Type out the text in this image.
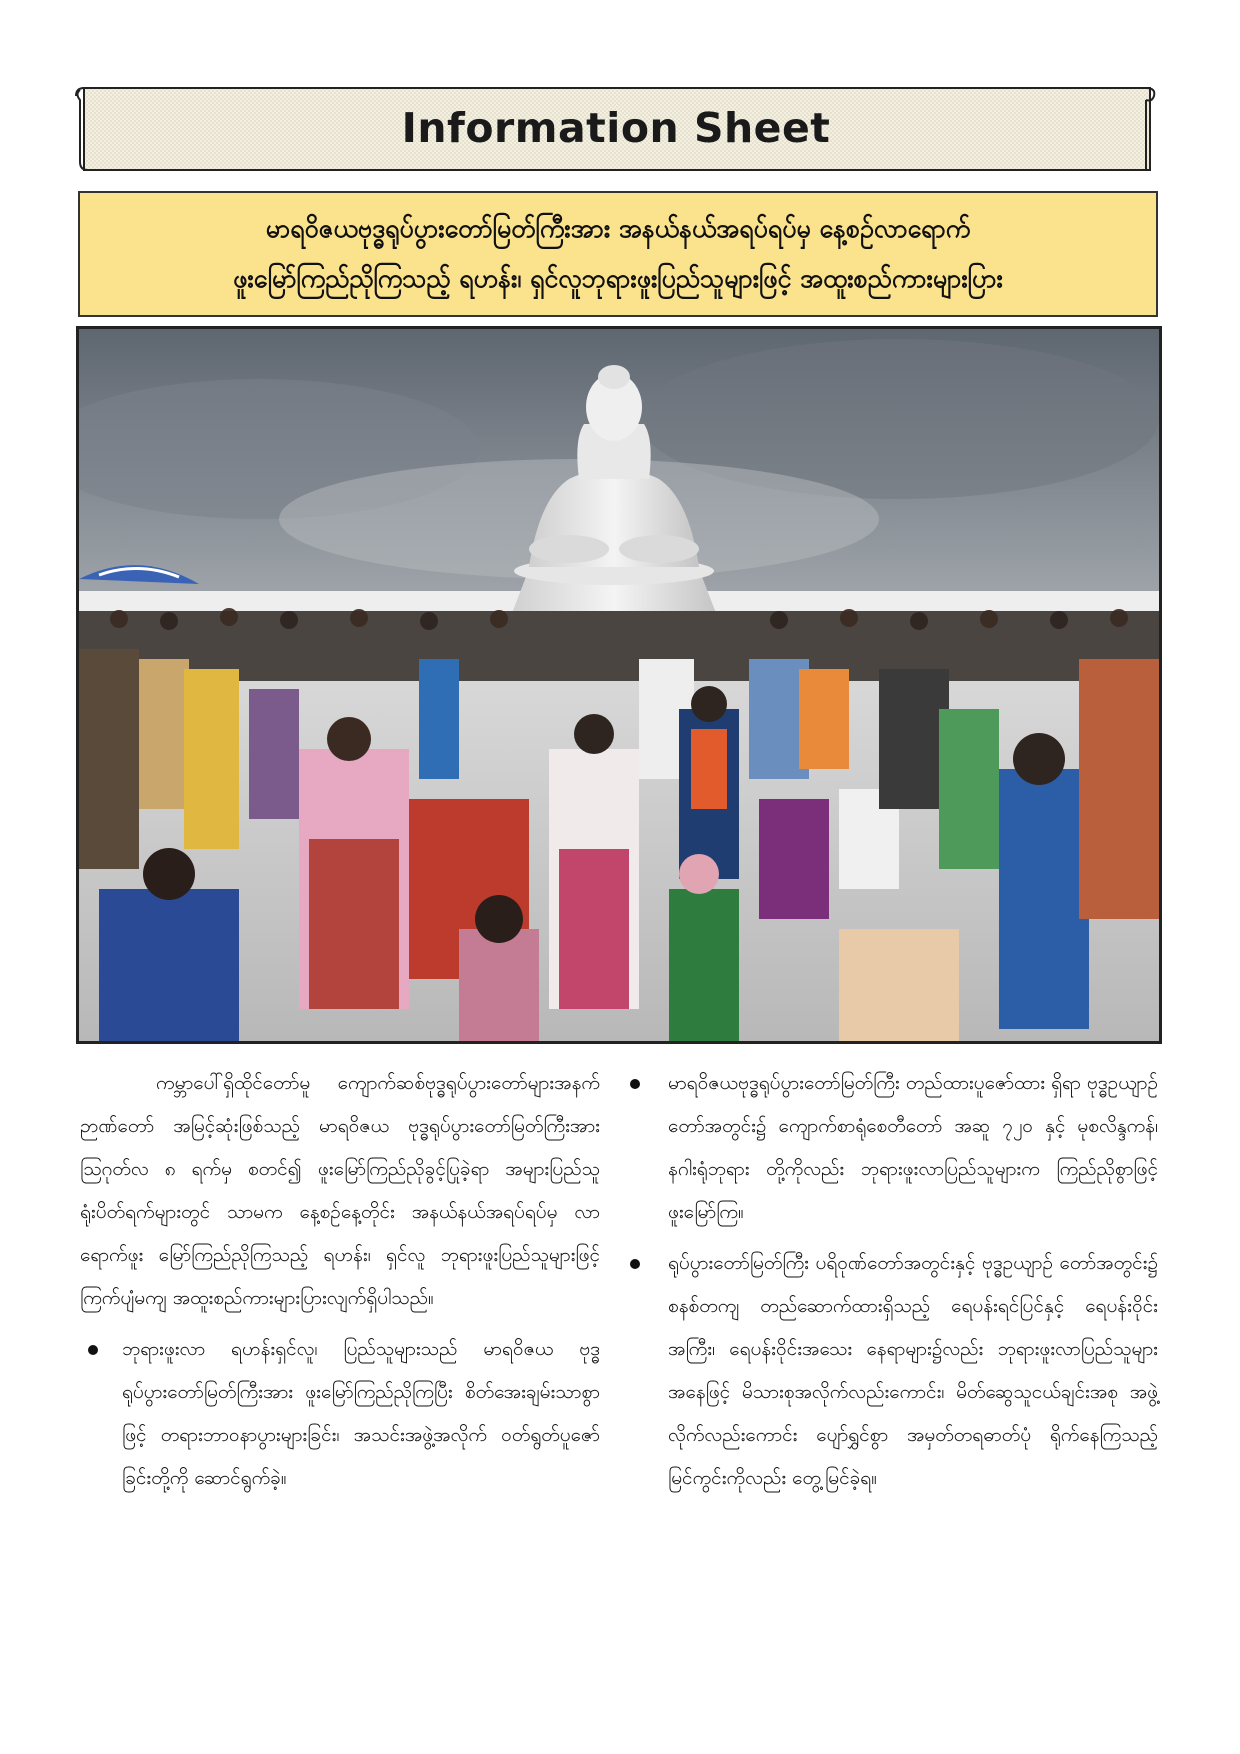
Information Sheet
မာရဝိဇယဗုဒ္ဓရုပ်ပွားတော်မြတ်ကြီးအား အနယ်နယ်အရပ်ရပ်မှ နေ့စဉ်လာရောက်
ဖူးမြော်ကြည်ညိုကြသည့် ရဟန်း၊ ရှင်လူဘုရားဖူးပြည်သူများဖြင့် အထူးစည်ကားများပြား

ကမ္ဘာပေါ်ရှိထိုင်တော်မူ ကျောက်ဆစ်ဗုဒ္ဓရုပ်ပွားတော်များအနက် ဉာဏ်တော် အမြင့်ဆုံးဖြစ်သည့် မာရဝိဇယ ဗုဒ္ဓရုပ်ပွားတော်မြတ်ကြီးအား ဩဂုတ်လ ၈ ရက်မှ စတင်၍ ဖူးမြော်ကြည်ညိုခွင့်ပြုခဲ့ရာ အများပြည်သူရုံးပိတ်ရက်များတွင် သာမက နေ့စဉ်နေ့တိုင်း အနယ်နယ်အရပ်ရပ်မှ လာရောက်ဖူး မြော်ကြည်ညိုကြသည့် ရဟန်း၊ ရှင်လူ ဘုရားဖူးပြည်သူများဖြင့် ကြက်ပျံမကျ အထူးစည်ကားများပြားလျက်ရှိပါသည်။

ဘုရားဖူးလာ ရဟန်းရှင်လူ၊ ပြည်သူများသည် မာရဝိဇယ ဗုဒ္ဓရုပ်ပွားတော်မြတ်ကြီးအား ဖူးမြော်ကြည်ညိုကြပြီး စိတ်အေးချမ်းသာစွာဖြင့် တရားဘာဝနာပွားများခြင်း၊ အသင်းအဖွဲ့အလိုက် ဝတ်ရွတ်ပူဇော်ခြင်းတို့ကို ဆောင်ရွက်ခဲ့။
မာရဝိဇယဗုဒ္ဓရုပ်ပွားတော်မြတ်ကြီး တည်ထားပူဇော်ထား ရှိရာ ဗုဒ္ဓဥယျာဉ်တော်အတွင်း၌ ကျောက်စာရုံစေတီတော် အဆူ ၇၂၀ နှင့် မုစလိန္ဒကန်၊ နဂါးရုံဘုရား တို့ကိုလည်း ဘုရားဖူးလာပြည်သူများက ကြည်ညိုစွာဖြင့် ဖူးမြော်ကြ။
ရုပ်ပွားတော်မြတ်ကြီး ပရိဝုဏ်တော်အတွင်းနှင့် ဗုဒ္ဓဥယျာဉ် တော်အတွင်း၌ စနစ်တကျ တည်ဆောက်ထားရှိသည့် ရေပန်းရင်ပြင်နှင့် ရေပန်းဝိုင်းအကြီး၊ ရေပန်းဝိုင်းအသေး နေရာများ၌လည်း ဘုရားဖူးလာပြည်သူများအနေဖြင့် မိသားစုအလိုက်လည်းကောင်း၊ မိတ်ဆွေသူငယ်ချင်းအစု အဖွဲ့လိုက်လည်းကောင်း ပျော်ရွှင်စွာ အမှတ်တရဓာတ်ပုံ ရိုက်နေကြသည့် မြင်ကွင်းကိုလည်း တွေ့မြင်ခဲ့ရ။
